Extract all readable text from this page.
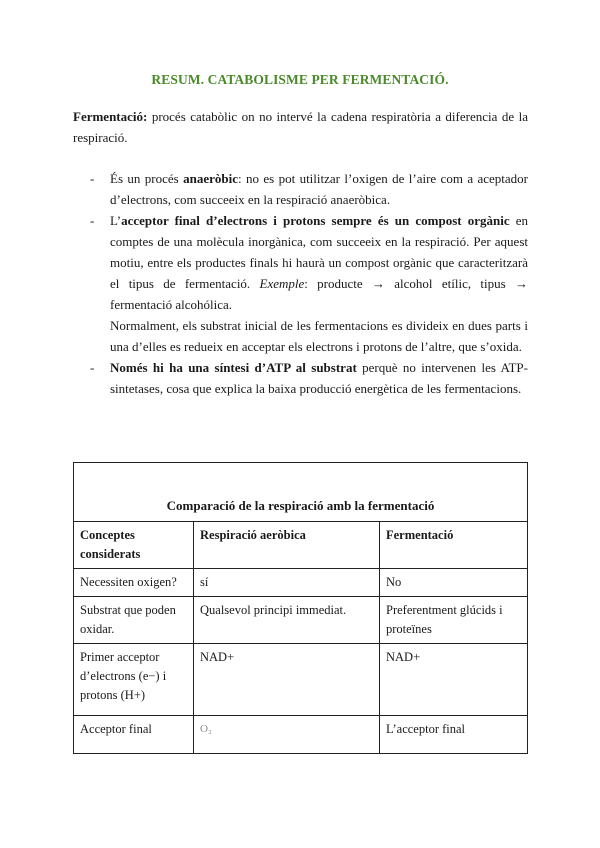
RESUM. CATABOLISME PER FERMENTACIÓ.
Fermentació: procés catabòlic on no intervé la cadena respiratòria a diferencia de la respiració.
- És un procés anaeròbic: no es pot utilitzar l’oxigen de l’aire com a aceptador d’electrons, com succeeix en la respiració anaeròbica.

- L’acceptor final d’electrons i protons sempre és un compost orgànic en comptes de una molècula inorgànica, com succeeix en la respiració. Per aquest motiu, entre els productes finals hi haurà un compost orgànic que caracteritzarà el tipus de fermentació. Exemple: producte → alcohol etílic, tipus → fermentació alcohólica.

Normalment, els substrat inicial de les fermentacions es divideix en dues parts i una d’elles es redueix en acceptar els electrons i protons de l’altre, que s’oxida.

- Només hi ha una síntesi d’ATP al substrat perquè no intervenen les ATP-sintetases, cosa que explica la baixa producció energètica de les fermentacions.

Comparació de la respiració amb la fermentació		
Conceptes considerats	Respiració aeròbica	Fermentació
Necessiten oxigen?	sí	No
Substrat que poden oxidar.	Qualsevol principi immediat.	Preferentment glúcids i proteïnes
Primer acceptor d’electrons (e−) i protons (H+)	NAD+	NAD+
Acceptor final	O₂	L’acceptor final
